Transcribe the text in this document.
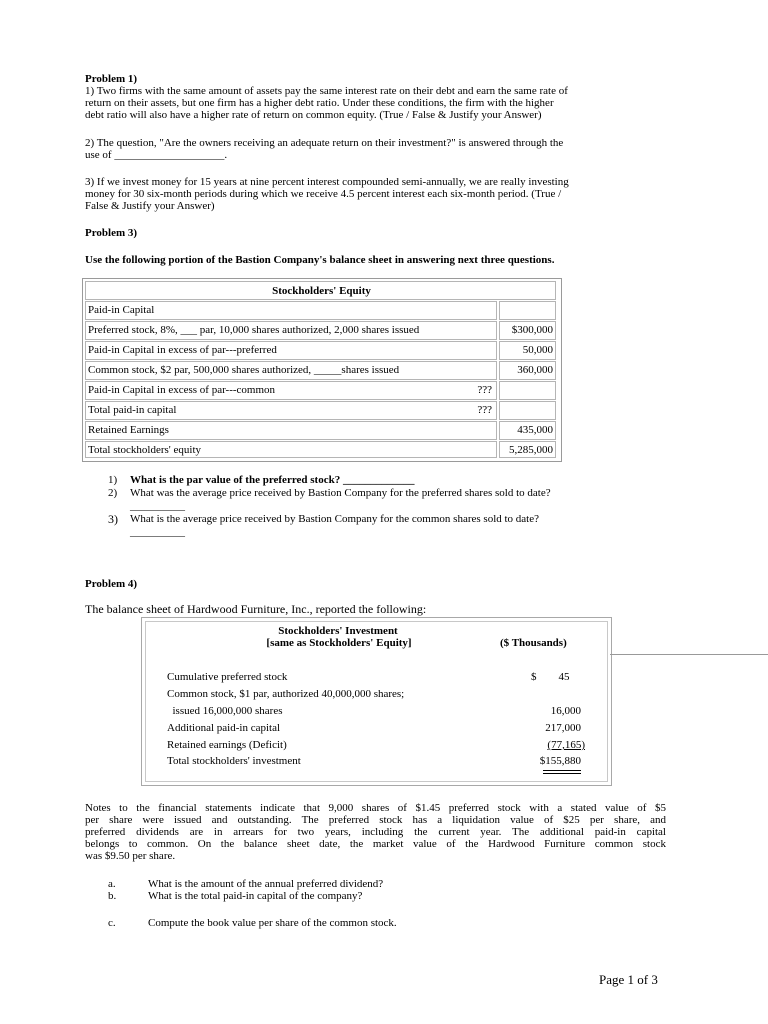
Problem 1)
1) Two firms with the same amount of assets pay the same interest rate on their debt and earn the same rate of
return on their assets, but one firm has a higher debt ratio. Under these conditions, the firm with the higher
debt ratio will also have a higher rate of return on common equity. (True / False & Justify your Answer)
2) The question, "Are the owners receiving an adequate return on their investment?" is answered through the
use of ____________________.
3) If we invest money for 15 years at nine percent interest compounded semi-annually, we are really investing
money for 30 six-month periods during which we receive 4.5 percent interest each six-month period. (True /
False & Justify your Answer)
Problem 3)
Use the following portion of the Bastion Company's balance sheet in answering next three questions.
Stockholders' Equity
Paid-in Capital
Preferred stock, 8%, ___ par, 10,000 shares authorized, 2,000 shares issued	$300,000
Paid-in Capital in excess of par---preferred	50,000
Common stock, $2 par, 500,000 shares authorized, _____shares issued	360,000
Paid-in Capital in excess of par---common	???
Total paid-in capital	???
Retained Earnings	435,000
Total stockholders' equity	5,285,000
1) What is the par value of the preferred stock? _____________
2) What was the average price received by Bastion Company for the preferred shares sold to date?
__________
3) What is the average price received by Bastion Company for the common shares sold to date?
__________
Problem 4)
The balance sheet of Hardwood Furniture, Inc., reported the following:
Stockholders' Investment
[same as Stockholders' Equity]	($ Thousands)
Cumulative preferred stock	$        45
Common stock, $1 par, authorized 40,000,000 shares;
issued 16,000,000 shares	16,000
Additional paid-in capital	217,000
Retained earnings (Deficit)	(77,165)
Total stockholders' investment	$155,880
Notes to the financial statements indicate that 9,000 shares of $1.45 preferred stock with a stated value of $5
per share were issued and outstanding. The preferred stock has a liquidation value of $25 per share, and
preferred dividends are in arrears for two years, including the current year. The additional paid-in capital
belongs to common. On the balance sheet date, the market value of the Hardwood Furniture common stock
was $9.50 per share.
a.	What is the amount of the annual preferred dividend?
b.	What is the total paid-in capital of the company?
c.	Compute the book value per share of the common stock.
Page 1 of 3
